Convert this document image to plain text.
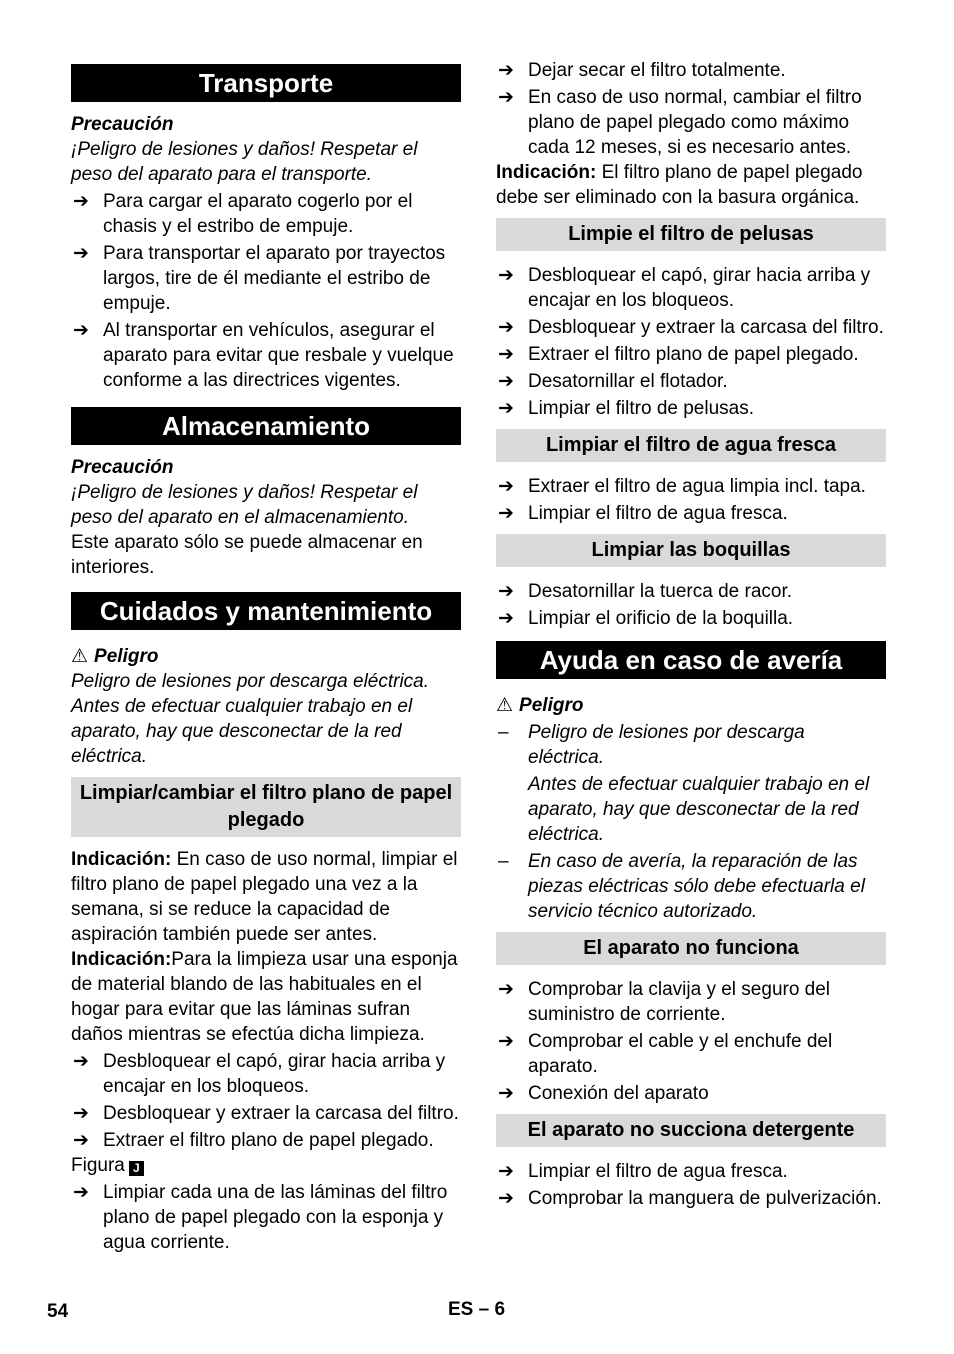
Transporte

Precaución

¡Peligro de lesiones y daños! Respetar el peso del aparato para el transporte.

➔ Para cargar el aparato cogerlo por el chasis y el estribo de empuje.
➔ Para transportar el aparato por trayectos largos, tire de él mediante el estribo de empuje.
➔ Al transportar en vehículos, asegurar el aparato para evitar que resbale y vuelque conforme a las directrices vigentes.
Almacenamiento

Precaución

¡Peligro de lesiones y daños! Respetar el peso del aparato en el almacenamiento.

Este aparato sólo se puede almacenar en interiores.

Cuidados y mantenimiento

⚠ Peligro

Peligro de lesiones por descarga eléctrica. Antes de efectuar cualquier trabajo en el aparato, hay que desconectar de la red eléctrica.

Limpiar/cambiar el filtro plano de papel plegado

Indicación: En caso de uso normal, limpiar el filtro plano de papel plegado una vez a la semana, si se reduce la capacidad de aspiración también puede ser antes.

Indicación:Para la limpieza usar una esponja de material blando de las habituales en el hogar para evitar que las láminas sufran daños mientras se efectúa dicha limpieza.

➔ Desbloquear el capó, girar hacia arriba y encajar en los bloqueos.
➔ Desbloquear y extraer la carcasa del filtro.
➔ Extraer el filtro plano de papel plegado.

Figura J

➔ Limpiar cada una de las láminas del filtro plano de papel plegado con la esponja y agua corriente.
➔ Dejar secar el filtro totalmente.
➔ En caso de uso normal, cambiar el filtro plano de papel plegado como máximo cada 12 meses, si es necesario antes.

Indicación: El filtro plano de papel plegado debe ser eliminado con la basura orgánica.

Limpie el filtro de pelusas
➔ Desbloquear el capó, girar hacia arriba y encajar en los bloqueos.
➔ Desbloquear y extraer la carcasa del filtro.
➔ Extraer el filtro plano de papel plegado.
➔ Desatornillar el flotador.
➔ Limpiar el filtro de pelusas.
Limpiar el filtro de agua fresca
➔ Extraer el filtro de agua limpia incl. tapa.
➔ Limpiar el filtro de agua fresca.
Limpiar las boquillas
➔ Desatornillar la tuerca de racor.
➔ Limpiar el orificio de la boquilla.
Ayuda en caso de avería

⚠ Peligro

– Peligro de lesiones por descarga eléctrica.

Antes de efectuar cualquier trabajo en el aparato, hay que desconectar de la red eléctrica.

– En caso de avería, la reparación de las piezas eléctricas sólo debe efectuarla el servicio técnico autorizado.
El aparato no funciona
➔ Comprobar la clavija y el seguro del suministro de corriente.
➔ Comprobar el cable y el enchufe del aparato.
➔ Conexión del aparato
El aparato no succiona detergente
➔ Limpiar el filtro de agua fresca.
➔ Comprobar la manguera de pulverización.
54	ES – 6
